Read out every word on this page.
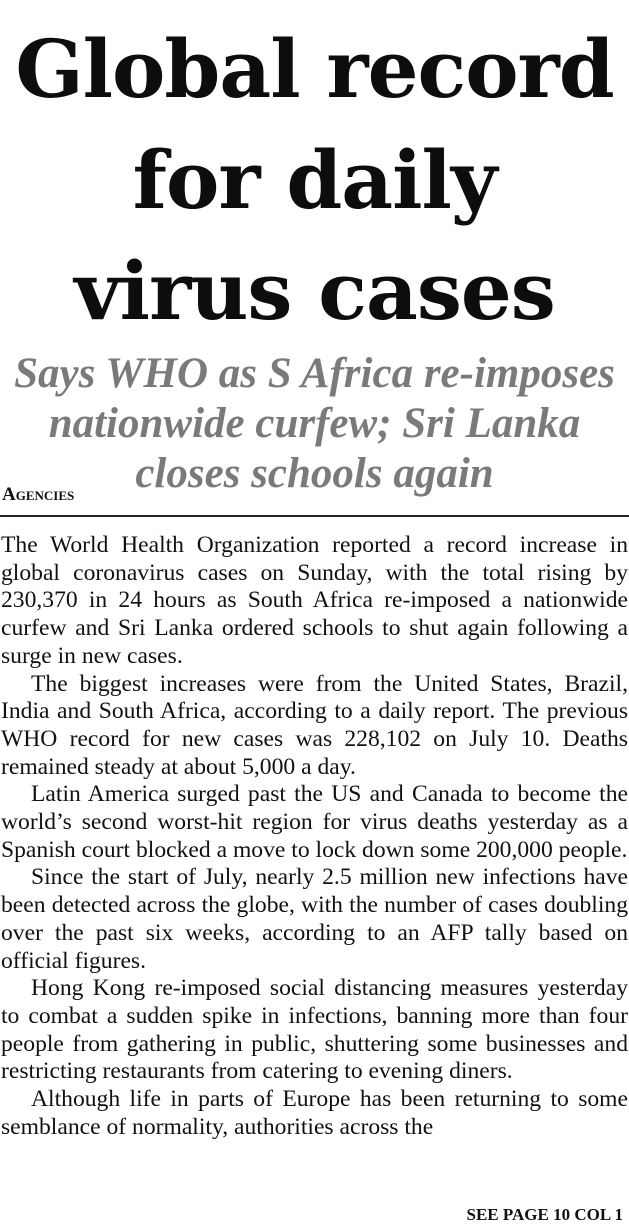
Global record
for daily
virus cases
Says WHO as S Africa re-imposes
nationwide curfew; Sri Lanka
closes schools again
Agencies

The World Health Organization reported a record increase in global coronavirus cases on Sunday, with the total rising by 230,370 in 24 hours as South Africa re-imposed a nationwide curfew and Sri Lanka ordered schools to shut again following a surge in new cases.

The biggest increases were from the United States, Brazil, India and South Africa, according to a daily report. The previous WHO record for new cases was 228,102 on July 10. Deaths remained steady at about 5,000 a day.

Latin America surged past the US and Canada to become the world’s second worst-hit region for virus deaths yesterday as a Spanish court blocked a move to lock down some 200,000 people.

Since the start of July, nearly 2.5 million new infections have been detected across the globe, with the number of cases doubling over the past six weeks, according to an AFP tally based on official figures.

Hong Kong re-imposed social distancing measures yesterday to combat a sudden spike in infections, banning more than four people from gathering in public, shuttering some businesses and restricting restaurants from catering to evening diners.

Although life in parts of Europe has been returning to some semblance of normality, authorities across the

SEE PAGE 10 COL 1
